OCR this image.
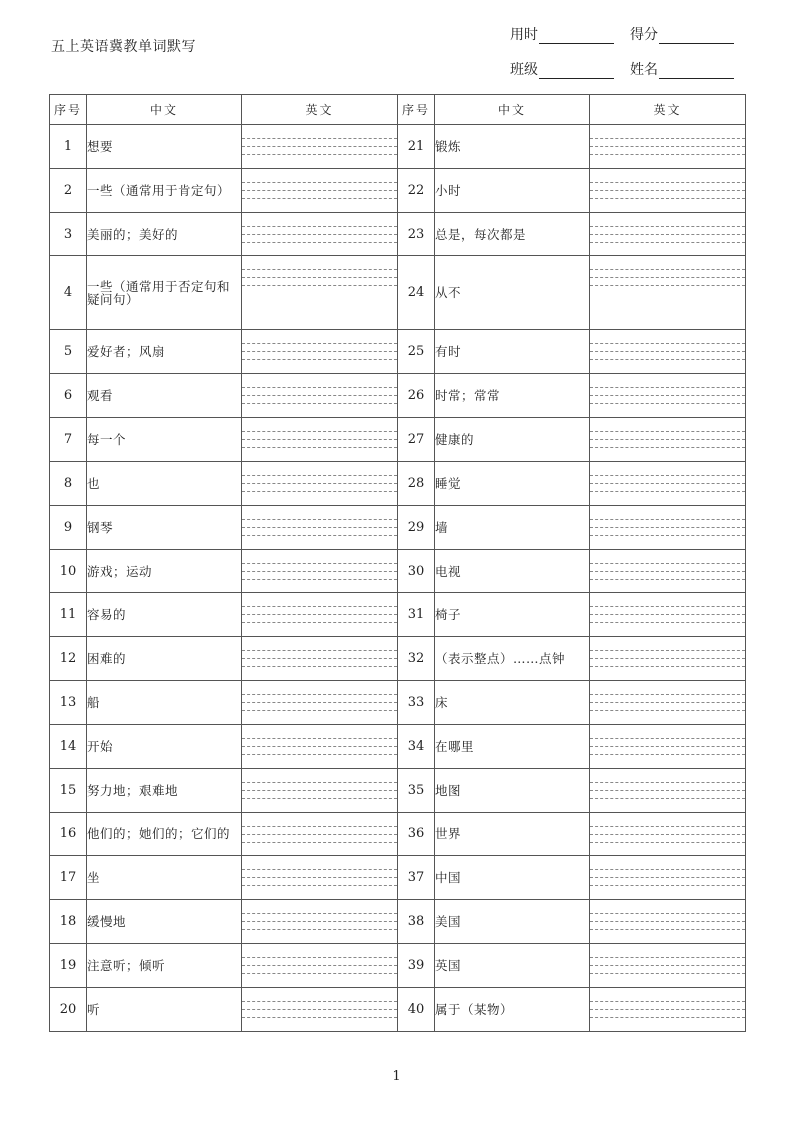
五上英语冀教单词默写
用时	得分
班级	姓名
序号	中文	英文	序号	中文	英文
1	想要		21	锻炼	

2	一些（通常用于肯定句）		22	小时	

3	美丽的；美好的		23	总是，每次都是	

4	一些（通常用于否定句和疑问句）		24	从不	

5	爱好者；风扇		25	有时	

6	观看		26	时常；常常	

7	每一个		27	健康的	

8	也		28	睡觉	

9	钢琴		29	墙	

10	游戏；运动		30	电视	

11	容易的		31	椅子	

12	困难的		32	（表示整点）……点钟	

13	船		33	床	

14	开始		34	在哪里	

15	努力地；艰难地		35	地图	

16	他们的；她们的；它们的		36	世界	

17	坐		37	中国	

18	缓慢地		38	美国	

19	注意听；倾听		39	英国	

20	听		40	属于（某物）	
1
